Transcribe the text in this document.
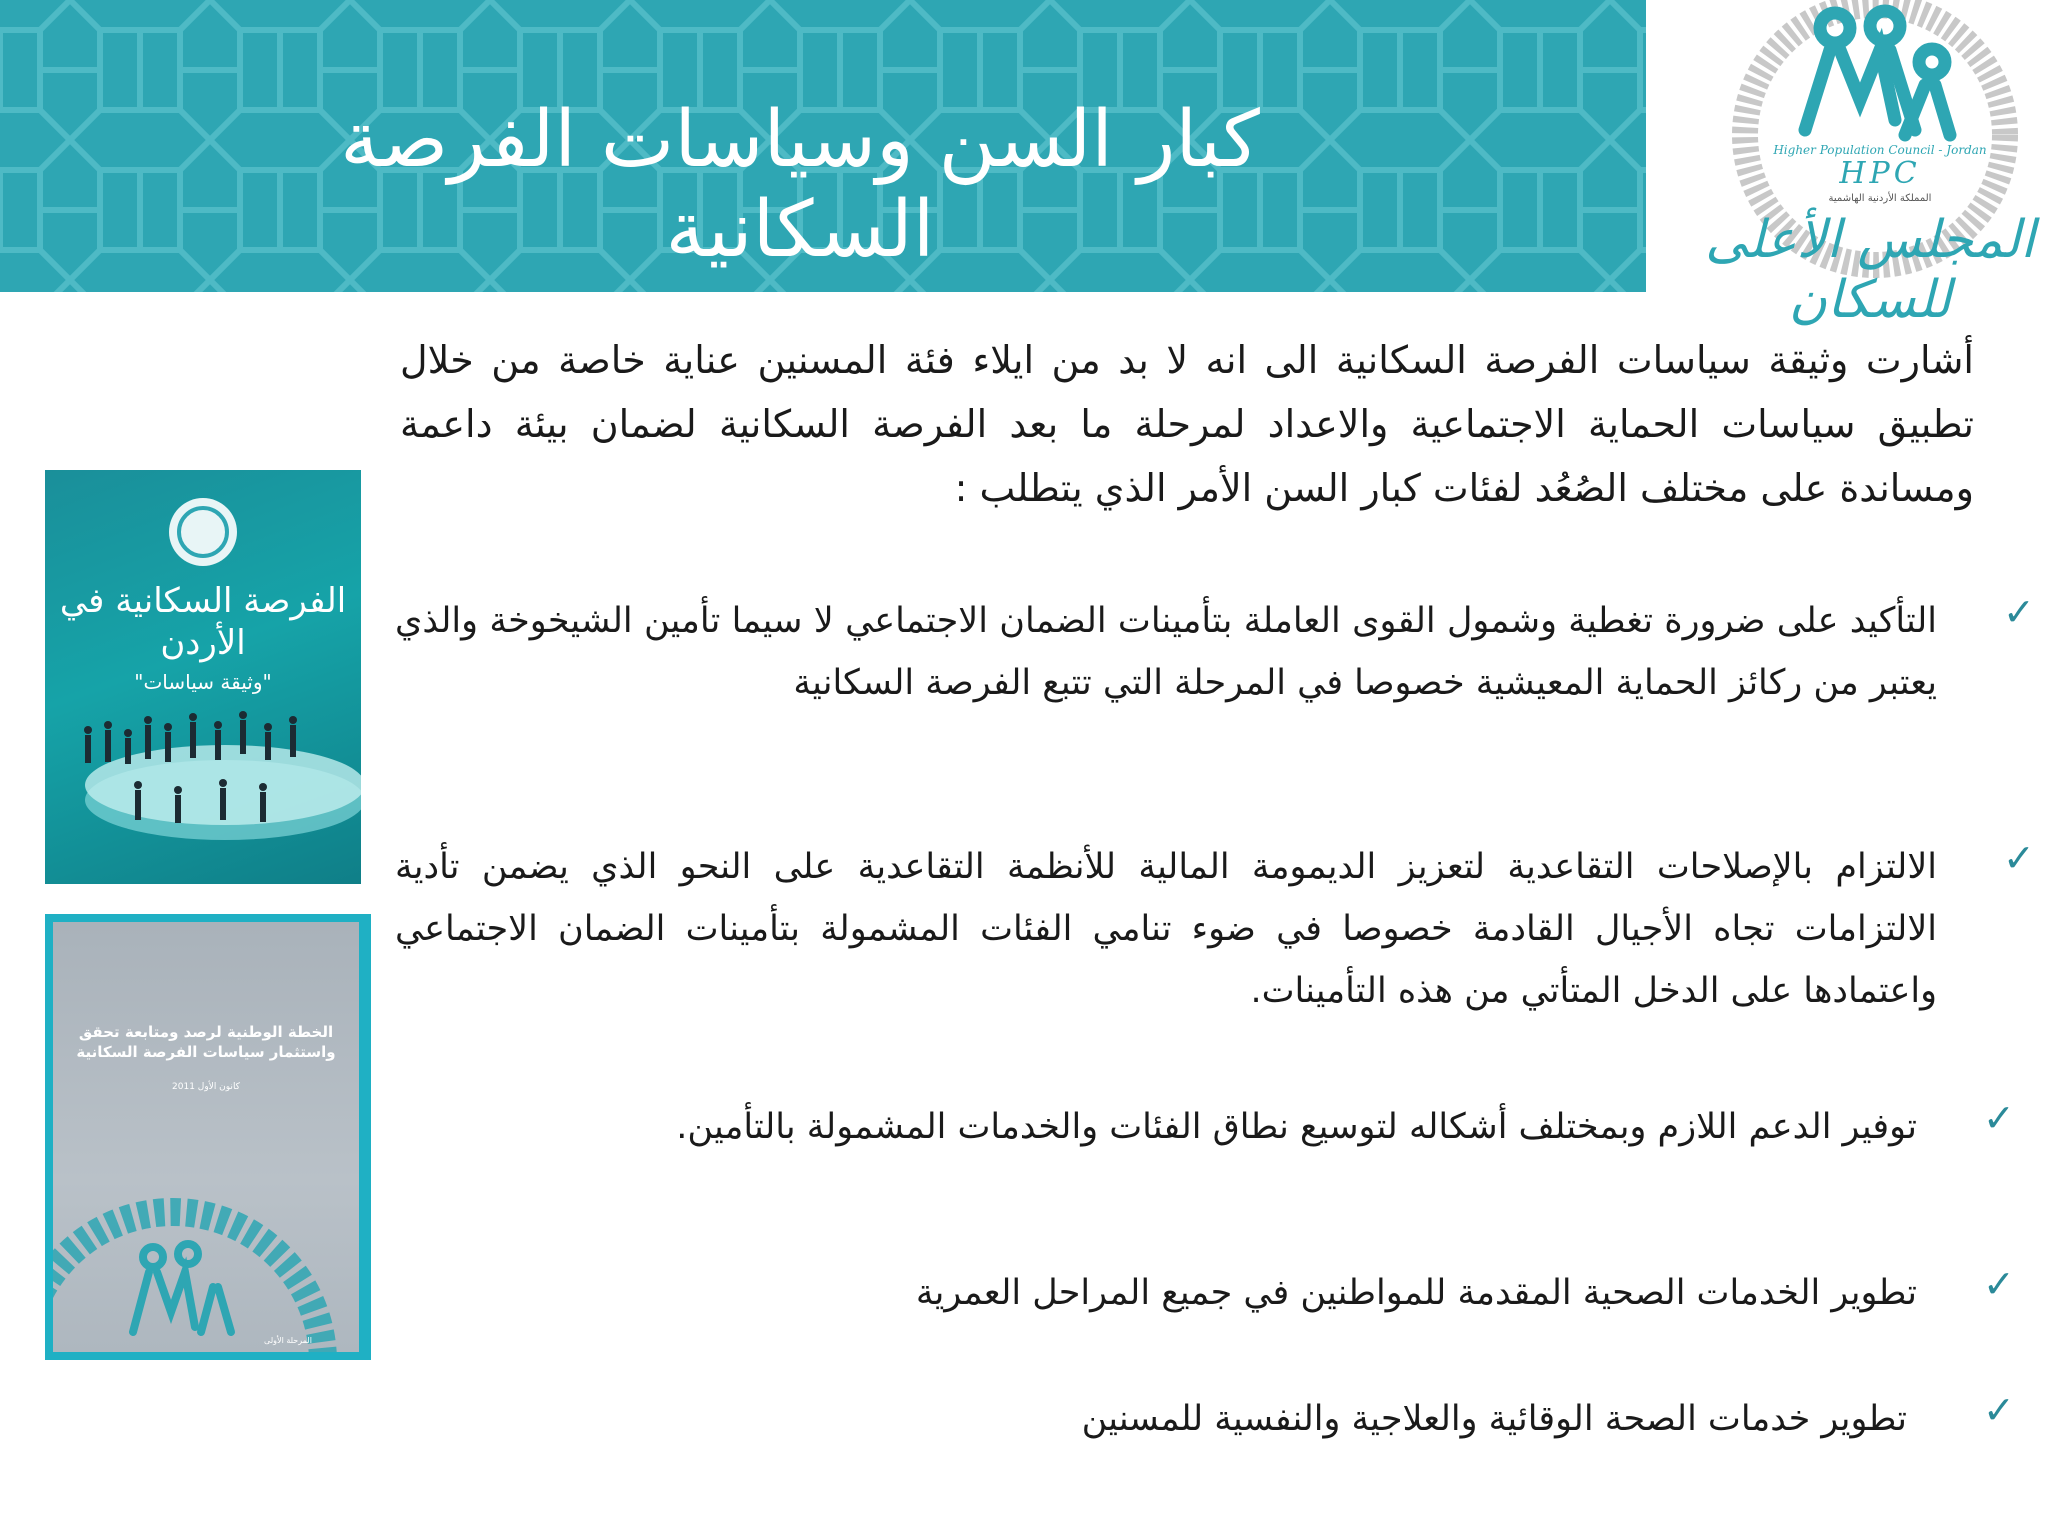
كبار السن وسياسات الفرصة السكانية
Higher Population Council - Jordan
HPC
المملكة الأردنية الهاشمية
المجلس الأعلى للسكان
أشارت وثيقة سياسات الفرصة السكانية الى انه لا بد من ايلاء فئة المسنين عناية خاصة من خلال تطبيق سياسات الحماية الاجتماعية والاعداد لمرحلة ما بعد الفرصة السكانية لضمان بيئة داعمة ومساندة على مختلف الصُعُد لفئات كبار السن الأمر الذي يتطلب :
✓
التأكيد على ضرورة تغطية وشمول القوى العاملة بتأمينات الضمان الاجتماعي لا سيما تأمين الشيخوخة والذي يعتبر من ركائز الحماية المعيشية خصوصا في المرحلة التي تتبع الفرصة السكانية
✓
الالتزام بالإصلاحات التقاعدية لتعزيز الديمومة المالية للأنظمة التقاعدية على النحو الذي يضمن تأدية الالتزامات تجاه الأجيال القادمة خصوصا في ضوء تنامي الفئات المشمولة بتأمينات الضمان الاجتماعي واعتمادها على الدخل المتأتي من هذه التأمينات.
✓
توفير الدعم اللازم وبمختلف أشكاله لتوسيع نطاق الفئات والخدمات المشمولة بالتأمين.
✓
تطوير الخدمات الصحية المقدمة للمواطنين في جميع المراحل العمرية
✓
تطوير خدمات الصحة الوقائية والعلاجية والنفسية للمسنين
الفرصة السكانية في الأردن
"وثيقة سياسات"
الخطة الوطنية لرصد ومتابعة تحقق واستثمار سياسات الفرصة السكانية
كانون الأول 2011
المرحلة الأولى
